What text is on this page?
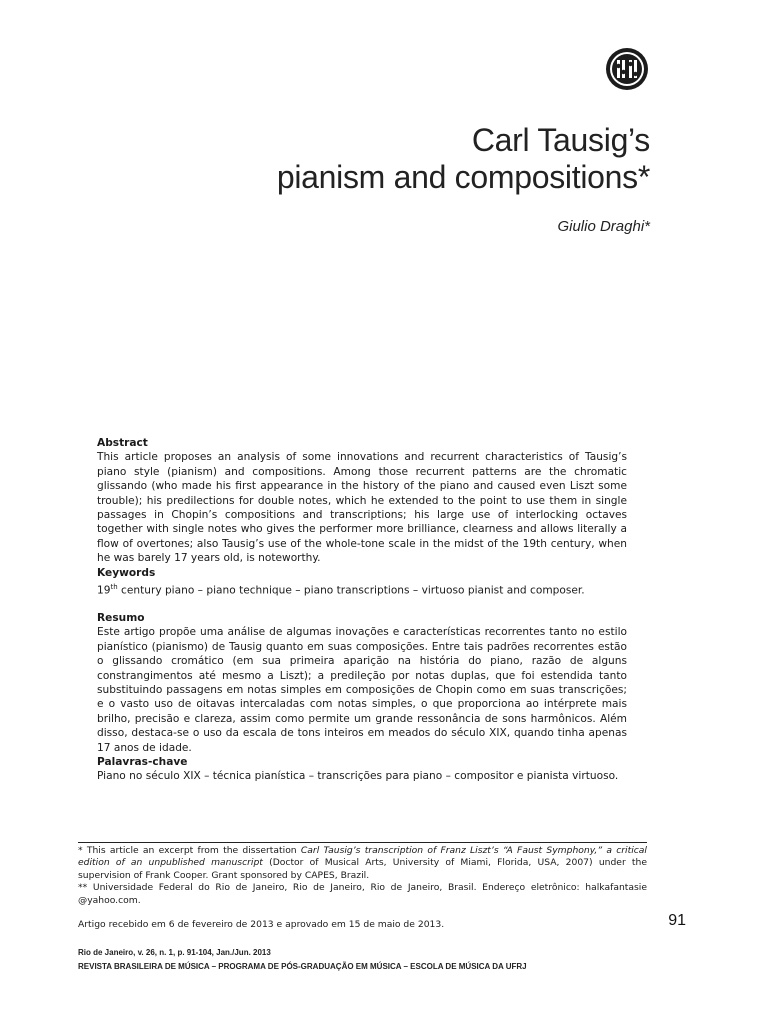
Carl Tausig’s
pianism and compositions*
Giulio Draghi*

Abstract

This article proposes an analysis of some innovations and recurrent characteristics of Tausig’s piano style (pianism) and compositions. Among those recurrent patterns are the chromatic glissando (who made his first appearance in the history of the piano and caused even Liszt some trouble); his predilections for double notes, which he extended to the point to use them in single passages in Chopin’s compositions and transcriptions; his large use of interlocking octaves together with single notes who gives the performer more brilliance, clearness and allows literally a flow of overtones; also Tausig’s use of the whole-tone scale in the midst of the 19th century, when he was barely 17 years old, is noteworthy.

Keywords

19th century piano – piano technique – piano transcriptions – virtuoso pianist and composer.

Resumo

Este artigo propõe uma análise de algumas inovações e características recorrentes tanto no estilo pianístico (pianismo) de Tausig quanto em suas composições. Entre tais padrões recorrentes estão o glissando cromático (em sua primeira aparição na história do piano, razão de alguns constrangimentos até mesmo a Liszt); a predileção por notas duplas, que foi estendida tanto substituindo passagens em notas simples em composições de Chopin como em suas transcrições; e o vasto uso de oitavas intercaladas com notas simples, o que proporciona ao intérprete mais brilho, precisão e clareza, assim como permite um grande ressonância de sons harmônicos. Além disso, destaca-se o uso da escala de tons inteiros em meados do século XIX, quando tinha apenas 17 anos de idade.

Palavras-chave

Piano no século XIX – técnica pianística – transcrições para piano – compositor e pianista virtuoso.

* This article an excerpt from the dissertation Carl Tausig’s transcription of Franz Liszt’s “A Faust Symphony,” a critical edition of an unpublished manuscript (Doctor of Musical Arts, University of Miami, Florida, USA, 2007) under the supervision of Frank Cooper. Grant sponsored by CAPES, Brazil.

** Universidade Federal do Rio de Janeiro, Rio de Janeiro, Rio de Janeiro, Brasil. Endereço eletrônico: halkafantasie @yahoo.com.

Artigo recebido em 6 de fevereiro de 2013 e aprovado em 15 de maio de 2013.	91
Rio de Janeiro, v. 26, n. 1, p. 91-104, Jan./Jun. 2013
REVISTA BRASILEIRA DE MÚSICA – PROGRAMA DE PÓS-GRADUAÇÃO EM MÚSICA – ESCOLA DE MÚSICA DA UFRJ
